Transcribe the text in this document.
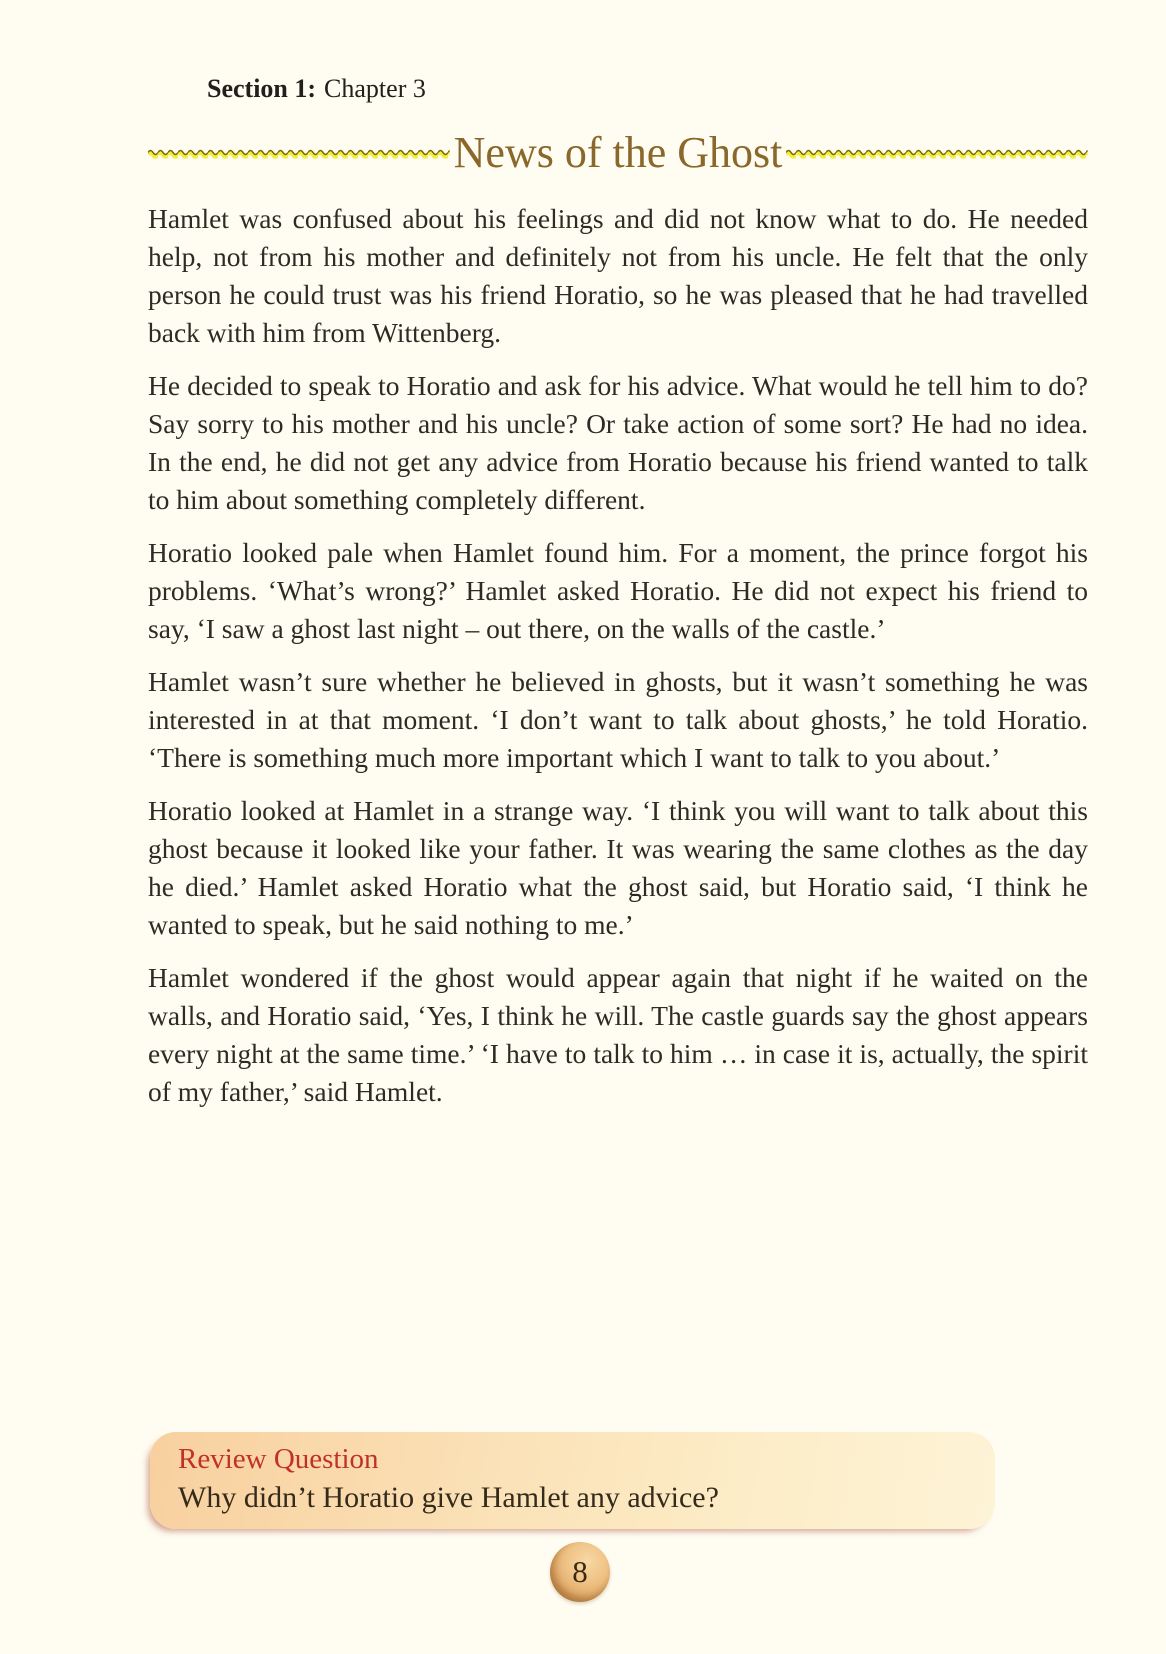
Section 1: Chapter 3
News of the Ghost

Hamlet was confused about his feelings and did not know what to do. He needed help, not from his mother and definitely not from his uncle. He felt that the only person he could trust was his friend Horatio, so he was pleased that he had travelled back with him from Wittenberg.

He decided to speak to Horatio and ask for his advice. What would he tell him to do? Say sorry to his mother and his uncle? Or take action of some sort? He had no idea. In the end, he did not get any advice from Horatio because his friend wanted to talk to him about something completely different.

Horatio looked pale when Hamlet found him. For a moment, the prince forgot his problems. ‘What’s wrong?’ Hamlet asked Horatio. He did not expect his friend to say, ‘I saw a ghost last night – out there, on the walls of the castle.’

Hamlet wasn’t sure whether he believed in ghosts, but it wasn’t something he was interested in at that moment. ‘I don’t want to talk about ghosts,’ he told Horatio. ‘There is something much more important which I want to talk to you about.’

Horatio looked at Hamlet in a strange way. ‘I think you will want to talk about this ghost because it looked like your father. It was wearing the same clothes as the day he died.’ Hamlet asked Horatio what the ghost said, but Horatio said, ‘I think he wanted to speak, but he said nothing to me.’

Hamlet wondered if the ghost would appear again that night if he waited on the walls, and Horatio said, ‘Yes, I think he will. The castle guards say the ghost appears every night at the same time.’ ‘I have to talk to him … in case it is, actually, the spirit of my father,’ said Hamlet.

Review Question
Why didn’t Horatio give Hamlet any advice?
8
